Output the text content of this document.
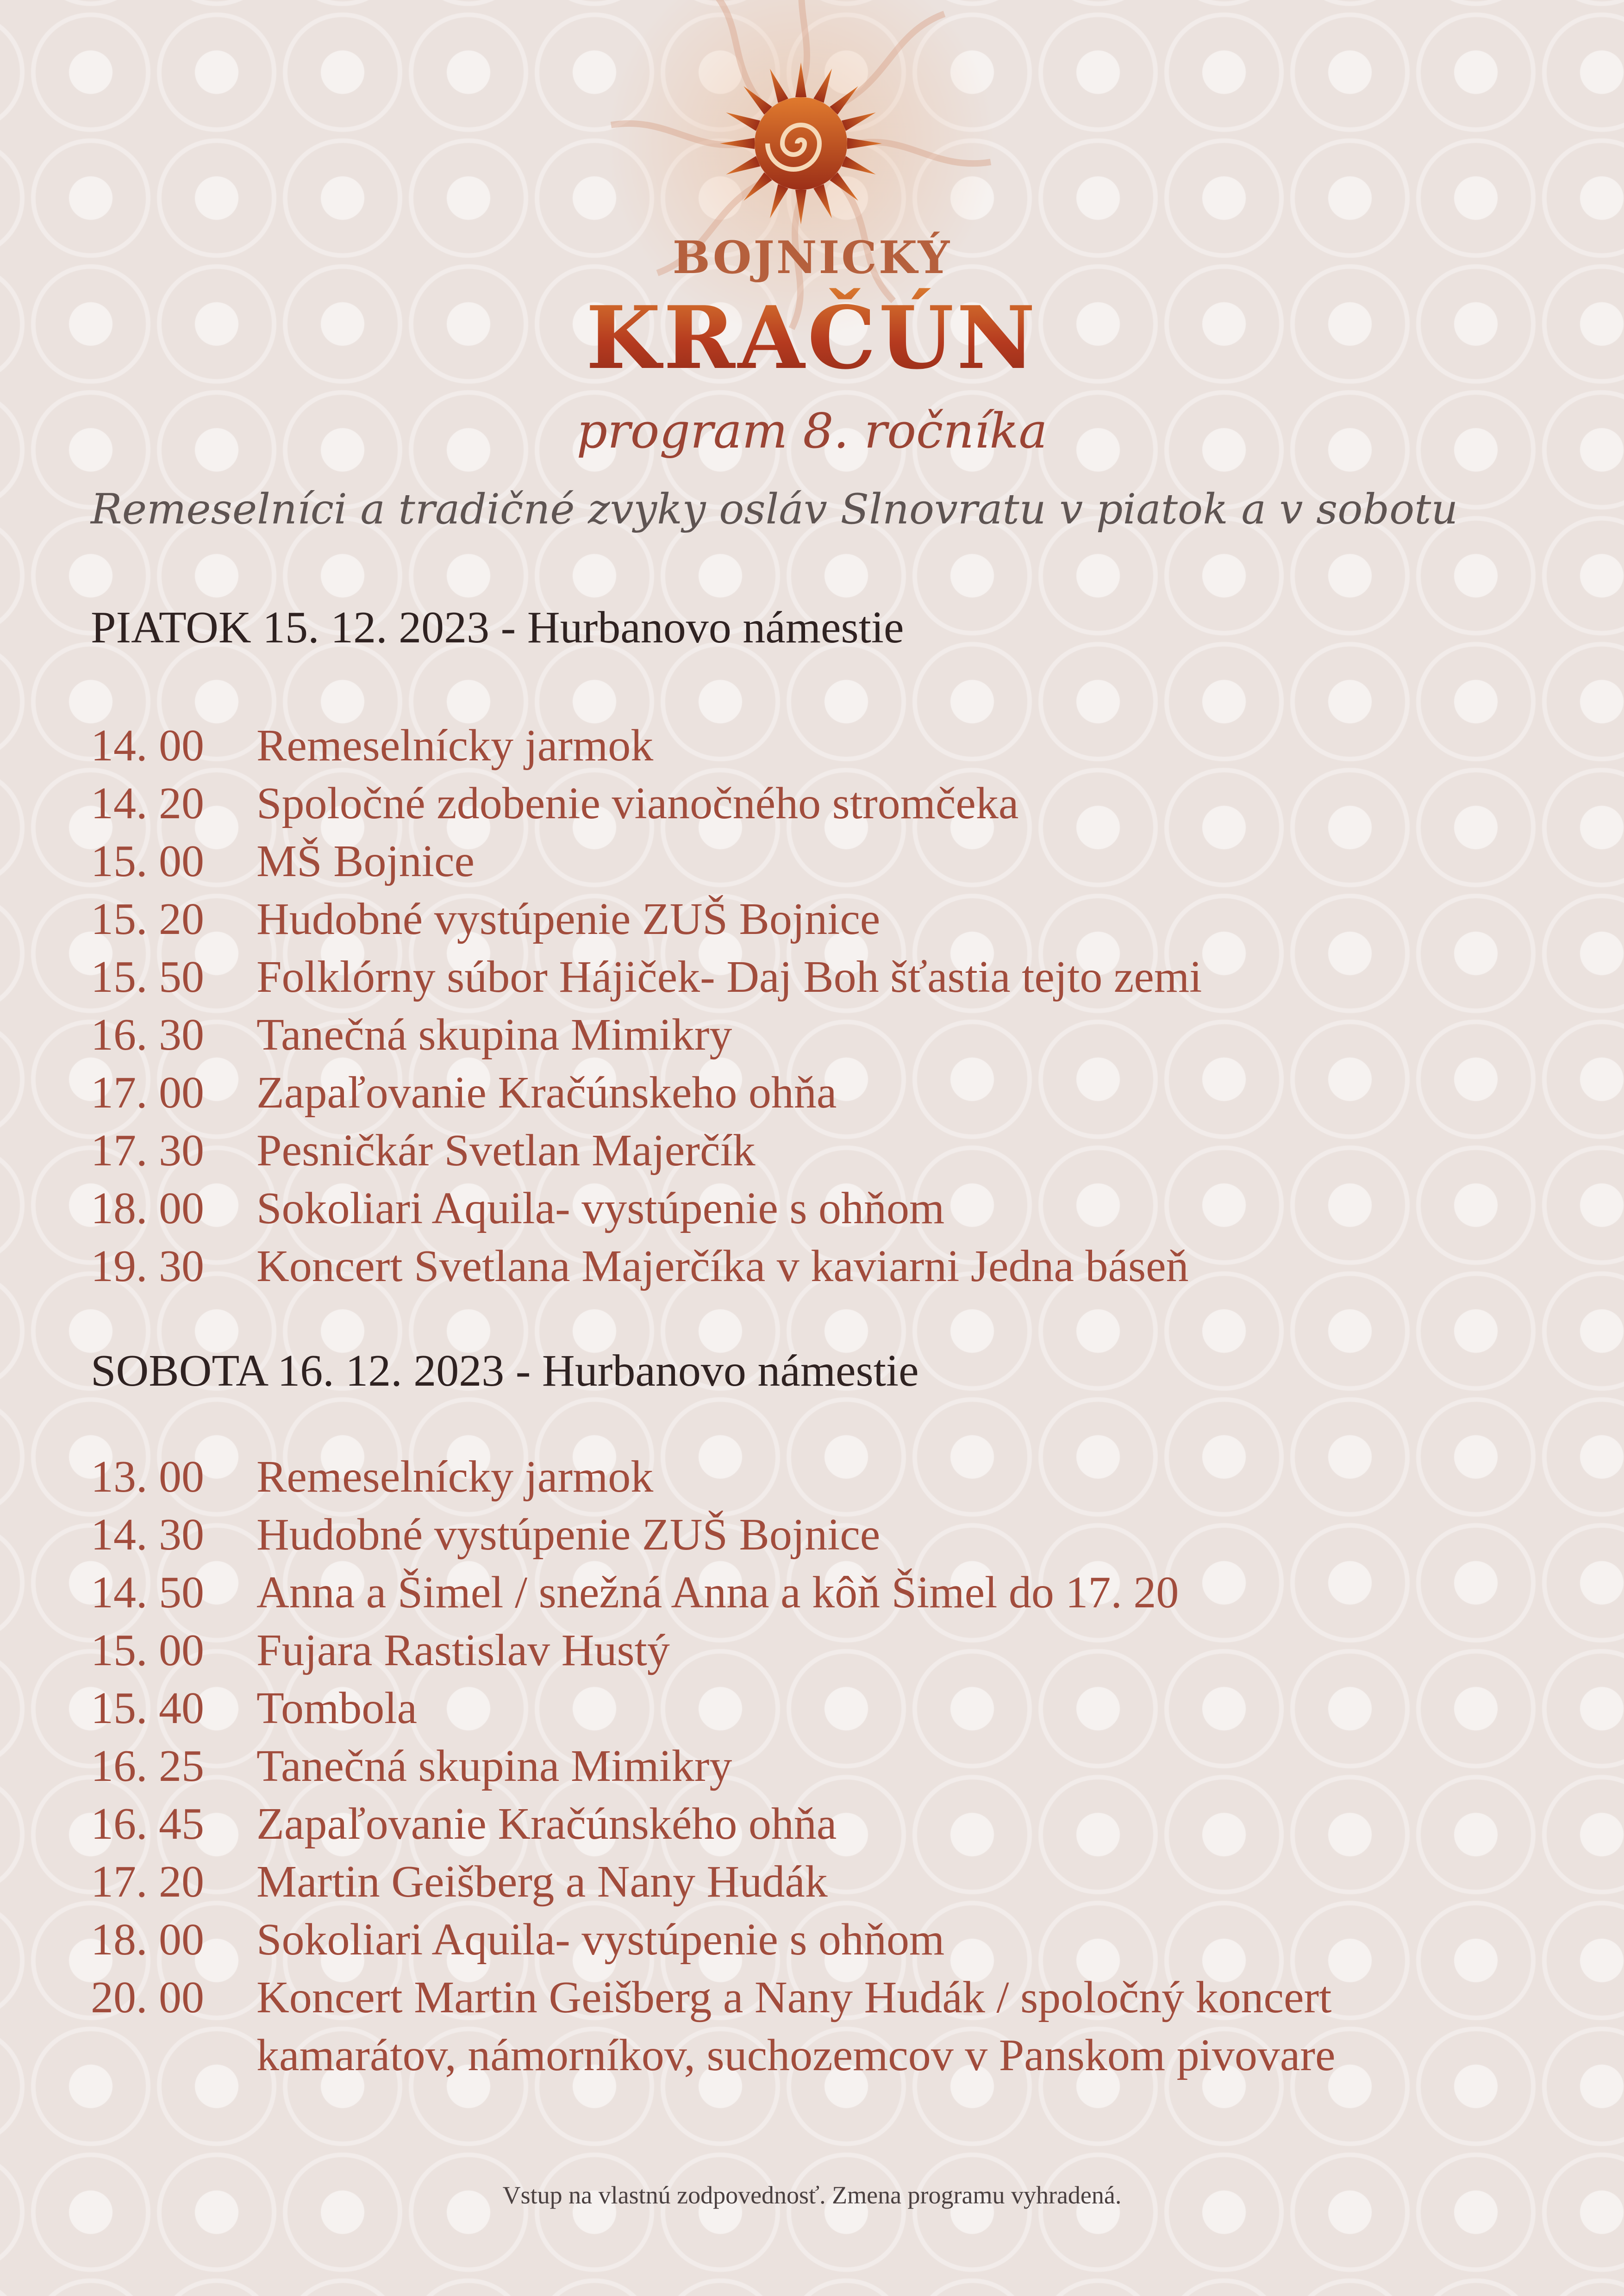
BOJNICKÝ
KRAČÚN
program 8. ročníka
Remeselníci a tradičné zvyky osláv Slnovratu v piatok a v sobotu
PIATOK 15. 12. 2023 - Hurbanovo námestie
14. 00	Remeselnícky jarmok
14. 20	Spoločné zdobenie vianočného stromčeka
15. 00	MŠ Bojnice
15. 20	Hudobné vystúpenie ZUŠ Bojnice
15. 50	Folklórny súbor Hájiček- Daj Boh šťastia tejto zemi
16. 30	Tanečná skupina Mimikry
17. 00	Zapaľovanie Kračúnskeho ohňa
17. 30	Pesničkár Svetlan Majerčík
18. 00	Sokoliari Aquila- vystúpenie s ohňom
19. 30	Koncert Svetlana Majerčíka v kaviarni Jedna báseň
SOBOTA 16. 12. 2023 - Hurbanovo námestie
13. 00	Remeselnícky jarmok
14. 30	Hudobné vystúpenie ZUŠ Bojnice
14. 50	Anna a Šimel / snežná Anna a kôň Šimel do 17. 20
15. 00	Fujara Rastislav Hustý
15. 40	Tombola
16. 25	Tanečná skupina Mimikry
16. 45	Zapaľovanie Kračúnského ohňa
17. 20	Martin Geišberg a Nany Hudák
18. 00	Sokoliari Aquila- vystúpenie s ohňom
20. 00	Koncert Martin Geišberg a Nany Hudák / spoločný koncert
kamarátov, námorníkov, suchozemcov v Panskom pivovare
Vstup na vlastnú zodpovednosť. Zmena programu vyhradená.
